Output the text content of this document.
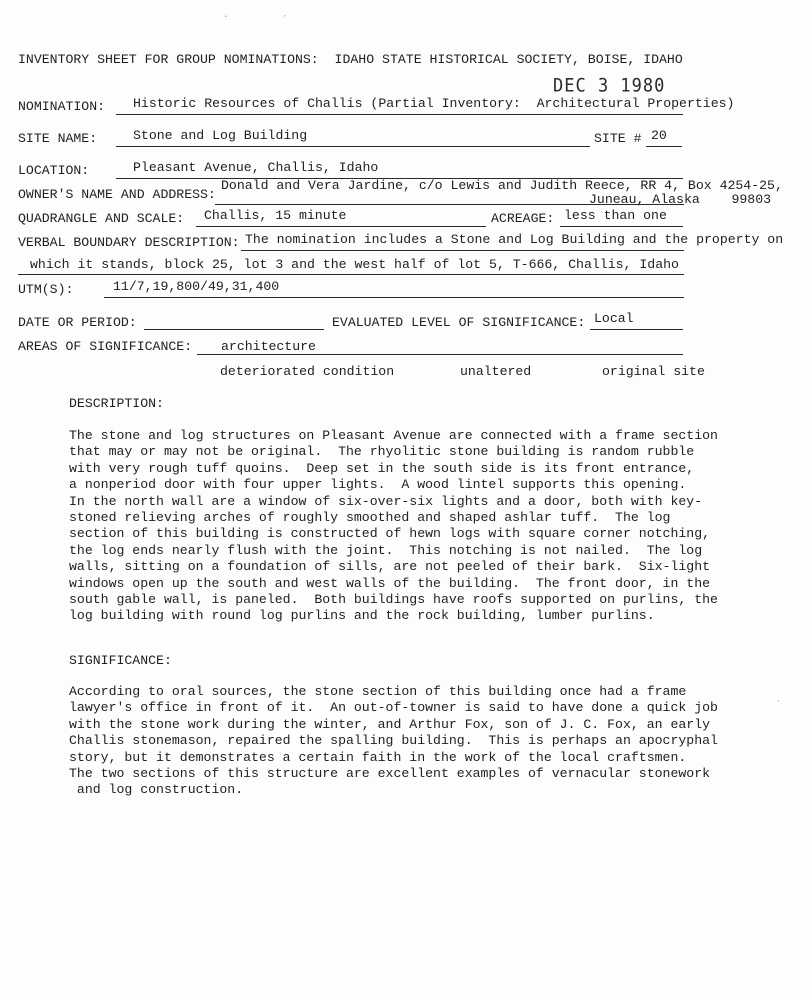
INVENTORY SHEET FOR GROUP NOMINATIONS:  IDAHO STATE HISTORICAL SOCIETY, BOISE, IDAHO
DEC 3 1980
NOMINATION: Historic Resources of Challis (Partial Inventory:  Architectural Properties)
SITE NAME:	Stone and Log Building	SITE # 20
LOCATION:	Pleasant Avenue, Challis, Idaho
OWNER'S NAME AND ADDRESS:
Donald and Vera Jardine, c/o Lewis and Judith Reece, RR 4, Box 4254-25,
Juneau, Alaska    99803
QUADRANGLE AND SCALE: Challis, 15 minute	ACREAGE: less than one
VERBAL BOUNDARY DESCRIPTION: The nomination includes a Stone and Log Building and the property on
which it stands, block 25, lot 3 and the west half of lot 5, T-666, Challis, Idaho
UTM(S):	11/7,19,800/49,31,400
DATE OR PERIOD:	EVALUATED LEVEL OF SIGNIFICANCE: Local
AREAS OF SIGNIFICANCE: architecture
deteriorated condition	unaltered	original site
DESCRIPTION:
The stone and log structures on Pleasant Avenue are connected with a frame section
that may or may not be original.  The rhyolitic stone building is random rubble
with very rough tuff quoins.  Deep set in the south side is its front entrance,
a nonperiod door with four upper lights.  A wood lintel supports this opening.
In the north wall are a window of six-over-six lights and a door, both with key-
stoned relieving arches of roughly smoothed and shaped ashlar tuff.  The log
section of this building is constructed of hewn logs with square corner notching,
the log ends nearly flush with the joint.  This notching is not nailed.  The log
walls, sitting on a foundation of sills, are not peeled of their bark.  Six-light
windows open up the south and west walls of the building.  The front door, in the
south gable wall, is paneled.  Both buildings have roofs supported on purlins, the
log building with round log purlins and the rock building, lumber purlins.
SIGNIFICANCE:
According to oral sources, the stone section of this building once had a frame
lawyer's office in front of it.  An out-of-towner is said to have done a quick job
with the stone work during the winter, and Arthur Fox, son of J. C. Fox, an early
Challis stonemason, repaired the spalling building.  This is perhaps an apocryphal
story, but it demonstrates a certain faith in the work of the local craftsmen.
The two sections of this structure are excellent examples of vernacular stonework
and log construction.
·	´
ˋ
